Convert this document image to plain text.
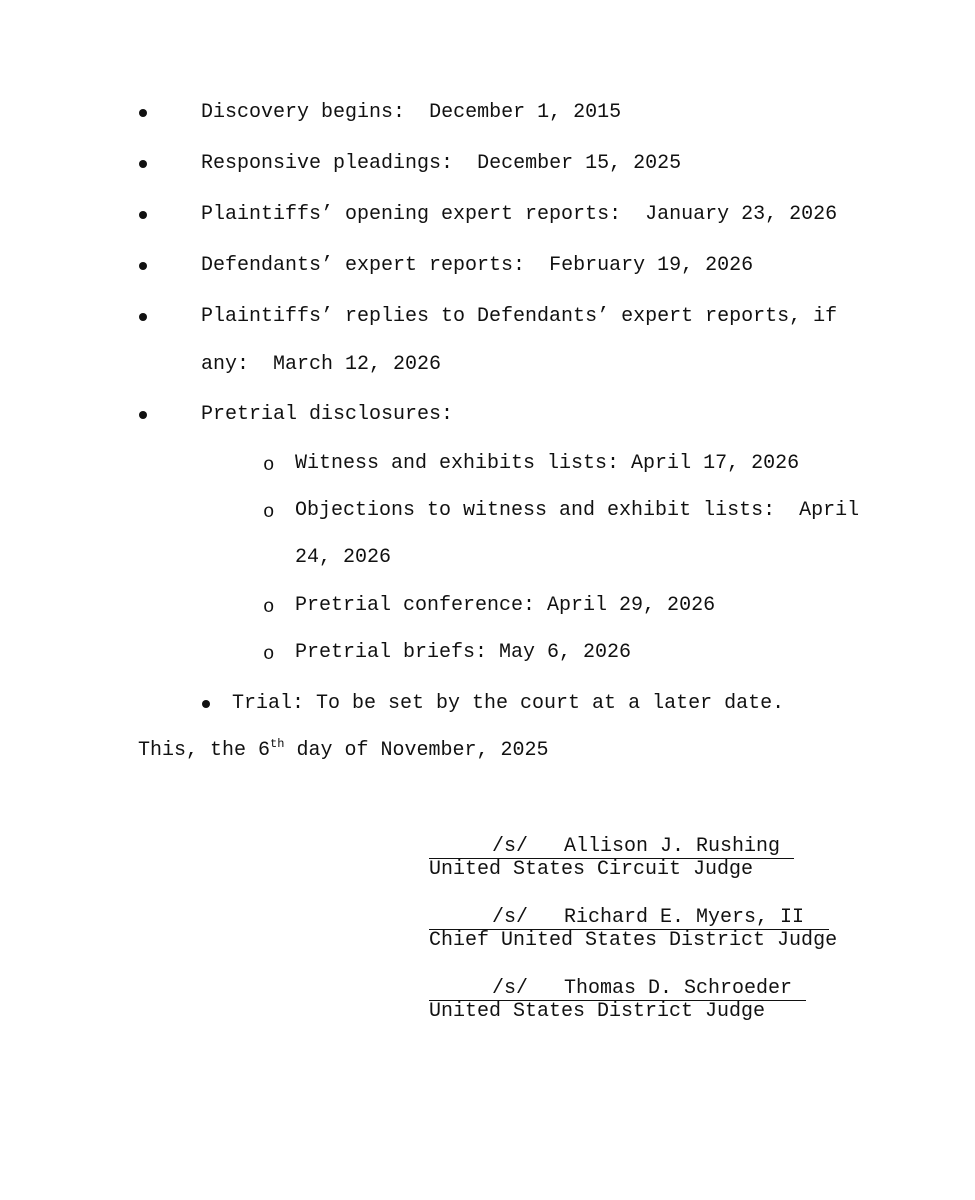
Discovery begins: December 1, 2015
Responsive pleadings: December 15, 2025
Plaintiffs’ opening expert reports: January 23, 2026
Defendants’ expert reports: February 19, 2026
Plaintiffs’ replies to Defendants’ expert reports, if
any:  March 12, 2026
Pretrial disclosures:
o Witness and exhibits lists: April 17, 2026
o Objections to witness and exhibit lists:  April
24, 2026
o Pretrial conference: April 29, 2026
o Pretrial briefs: May 6, 2026
Trial: To be set by the court at a later date.
This, the 6th day of November, 2025
/s/   Allison J. Rushing
United States Circuit Judge
/s/   Richard E. Myers, II
Chief United States District Judge
/s/   Thomas D. Schroeder
United States District Judge
